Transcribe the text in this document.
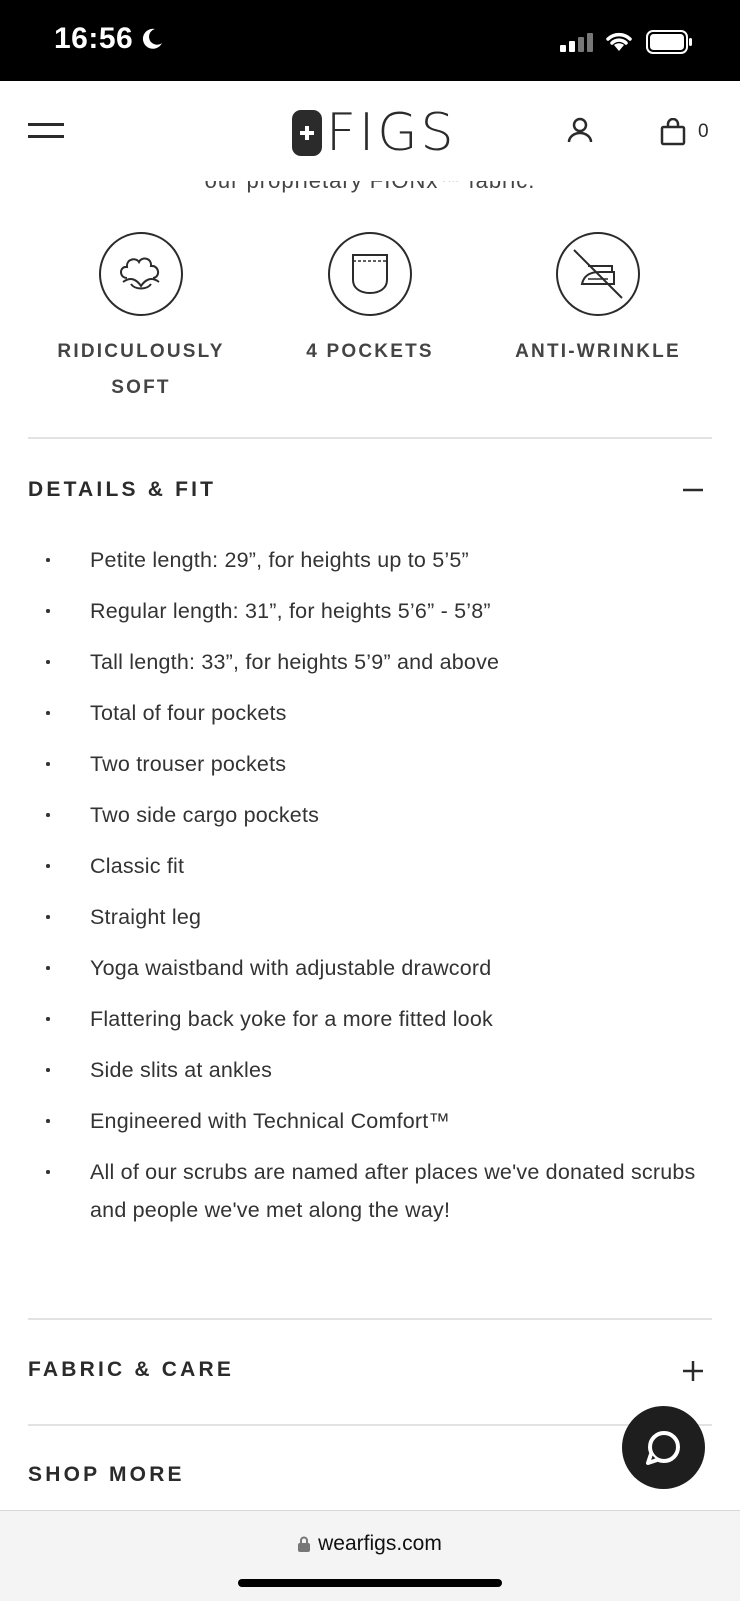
16:56
FIGS	0
RIDICULOUSLY SOFT
4 POCKETS	ANTI-WRINKLE
DETAILS & FIT
Petite length: 29”, for heights up to 5’5”
Regular length: 31”, for heights 5’6” - 5’8”
Tall length: 33”, for heights 5’9” and above
Total of four pockets
Two trouser pockets
Two side cargo pockets
Classic fit
Straight leg
Yoga waistband with adjustable drawcord
Flattering back yoke for a more fitted look
Side slits at ankles
Engineered with Technical Comfort™
All of our scrubs are named after places we've donated scrubs and people we've met along the way!
FABRIC & CARE
SHOP MORE
wearfigs.com
